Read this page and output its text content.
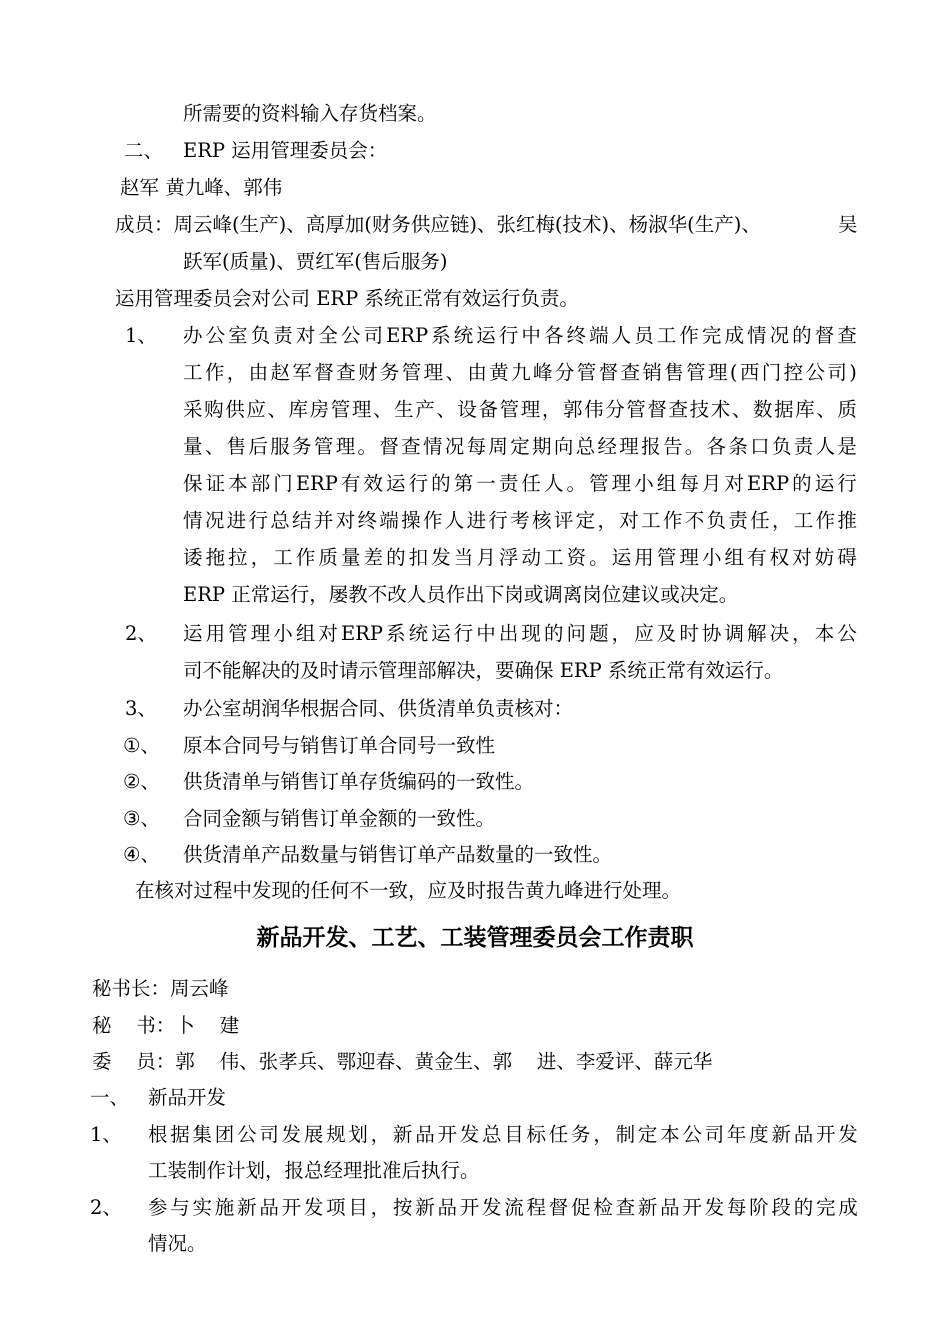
所需要的资料输入存货档案。
二、 ERP 运用管理委员会：
赵军 黄九峰、郭伟
成员：周云峰(生产)、高厚加(财务供应链)、张红梅(技术)、杨淑华(生产)、	吴
跃军(质量)、贾红军(售后服务)
运用管理委员会对公司 ERP 系统正常有效运行负责。
1、 办 公 室 负 责 对 全 公 司 ERP 系 统 运 行 中 各 终 端 人 员 工 作 完 成 情 况 的 督 查
工 作 ， 由 赵 军 督 查 财 务 管 理 、 由 黄 九 峰 分 管 督 查 销 售 管 理 ( 西 门 控 公 司 )
采 购 供 应 、 库 房 管 理 、 生 产 、 设 备 管 理 ， 郭 伟 分 管 督 查 技 术 、 数 据 库 、 质
量 、 售 后 服 务 管 理 。 督 查 情 况 每 周 定 期 向 总 经 理 报 告 。 各 条 口 负 责 人 是
保 证 本 部 门 ERP 有 效 运 行 的 第 一 责 任 人 。 管 理 小 组 每 月 对 ERP 的 运 行
情 况 进 行 总 结 并 对 终 端 操 作 人 进 行 考 核 评 定 ， 对 工 作 不 负 责 任 ， 工 作 推
诿 拖 拉 ， 工 作 质 量 差 的 扣 发 当 月 浮 动 工 资 。 运 用 管 理 小 组 有 权 对 妨 碍
ERP 正常运行，屡教不改人员作出下岗或调离岗位建议或决定。
2、 运 用 管 理 小 组 对 ERP 系 统 运 行 中 出 现 的 问 题 ， 应 及 时 协 调 解 决 ， 本 公
司不能解决的及时请示管理部解决，要确保 ERP 系统正常有效运行。
3、 办公室胡润华根据合同、供货清单负责核对：
①、 原本合同号与销售订单合同号一致性
②、 供货清单与销售订单存货编码的一致性。
③、 合同金额与销售订单金额的一致性。
④、 供货清单产品数量与销售订单产品数量的一致性。
在核对过程中发现的任何不一致，应及时报告黄九峰进行处理。
新品开发、工艺、工装管理委员会工作责职
秘书长：周云峰
秘    书：卜    建
委    员：郭    伟、张孝兵、鄂迎春、黄金生、郭    进、李爱评、薛元华
一、 新品开发
1、 根 据 集 团 公 司 发 展 规 划 ， 新 品 开 发 总 目 标 任 务 ， 制 定 本 公 司 年 度 新 品 开 发
工装制作计划，报总经理批准后执行。
2、 参 与 实 施 新 品 开 发 项 目 ， 按 新 品 开 发 流 程 督 促 检 查 新 品 开 发 每 阶 段 的 完 成
情况。
